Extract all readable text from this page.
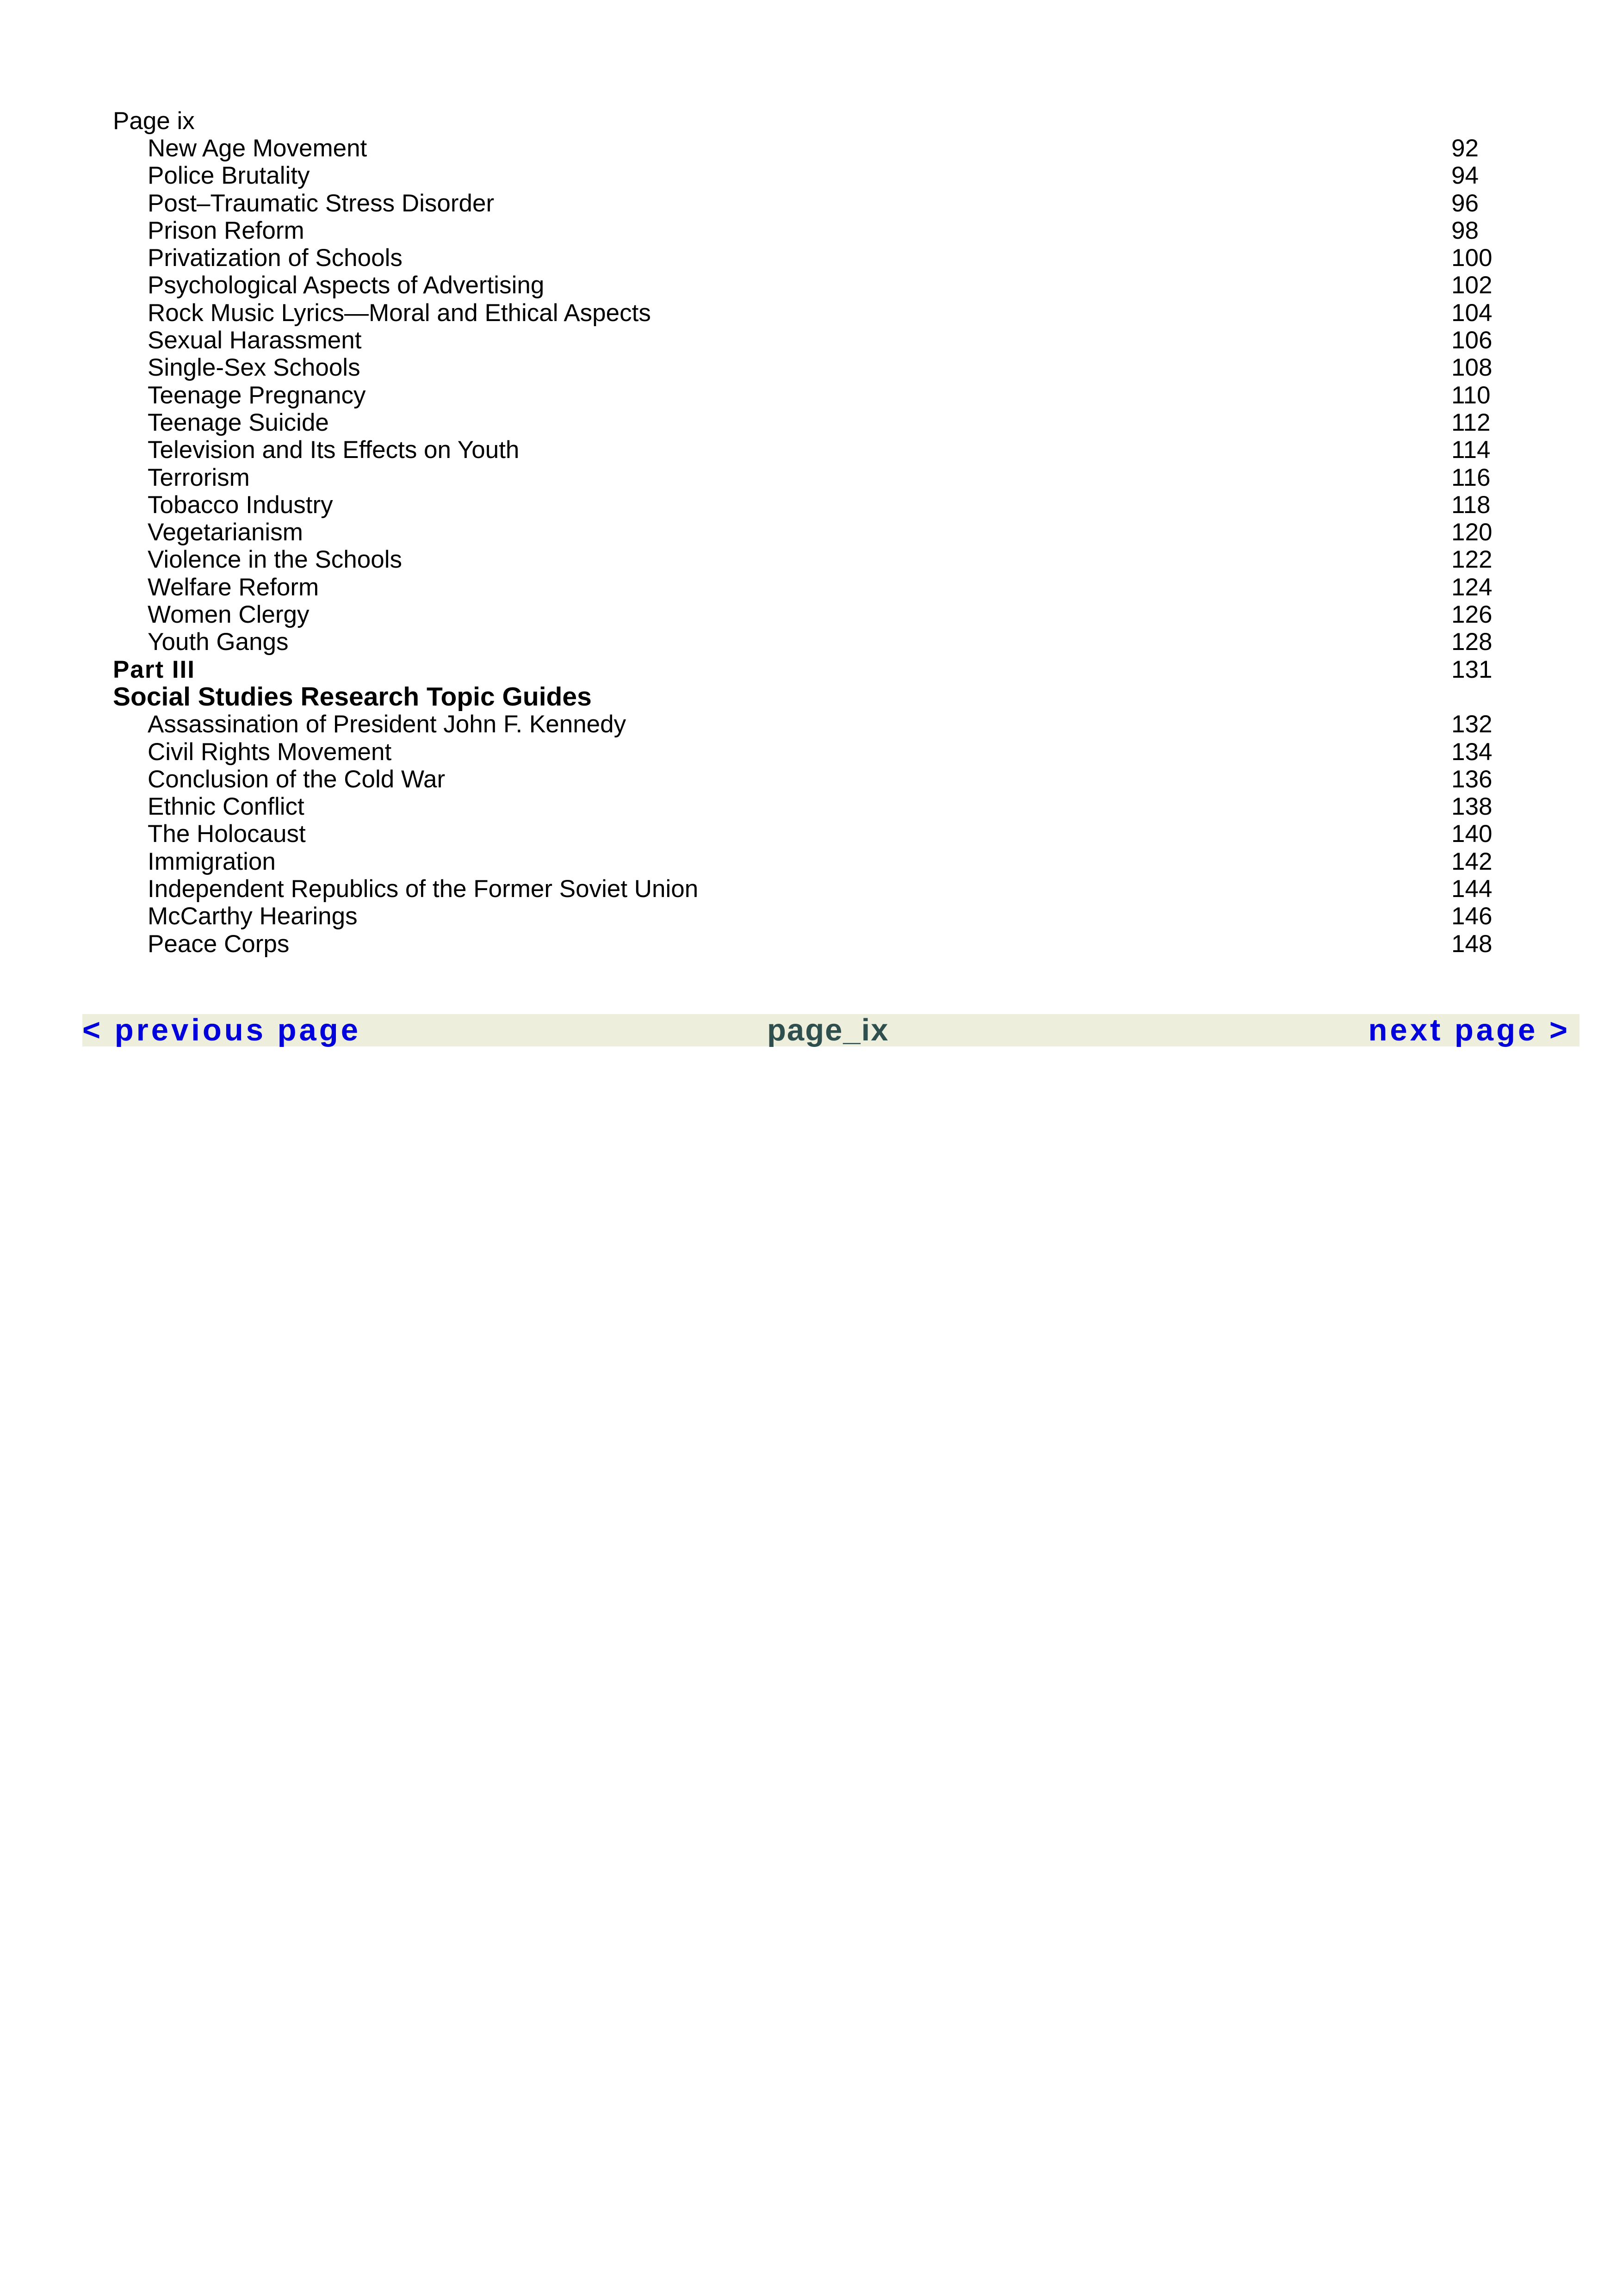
Page ix
New Age Movement	92
Police Brutality	94
Post–Traumatic Stress Disorder	96
Prison Reform	98
Privatization of Schools	100
Psychological Aspects of Advertising	102
Rock Music Lyrics—Moral and Ethical Aspects	104
Sexual Harassment	106
Single-Sex Schools	108
Teenage Pregnancy	110
Teenage Suicide	112
Television and Its Effects on Youth	114
Terrorism	116
Tobacco Industry	118
Vegetarianism	120
Violence in the Schools	122
Welfare Reform	124
Women Clergy	126
Youth Gangs	128
Part III	131
Social Studies Research Topic Guides
Assassination of President John F. Kennedy	132
Civil Rights Movement	134
Conclusion of the Cold War	136
Ethnic Conflict	138
The Holocaust	140
Immigration	142
Independent Republics of the Former Soviet Union	144
McCarthy Hearings	146
Peace Corps	148
< previous page	page_ix	next page >
